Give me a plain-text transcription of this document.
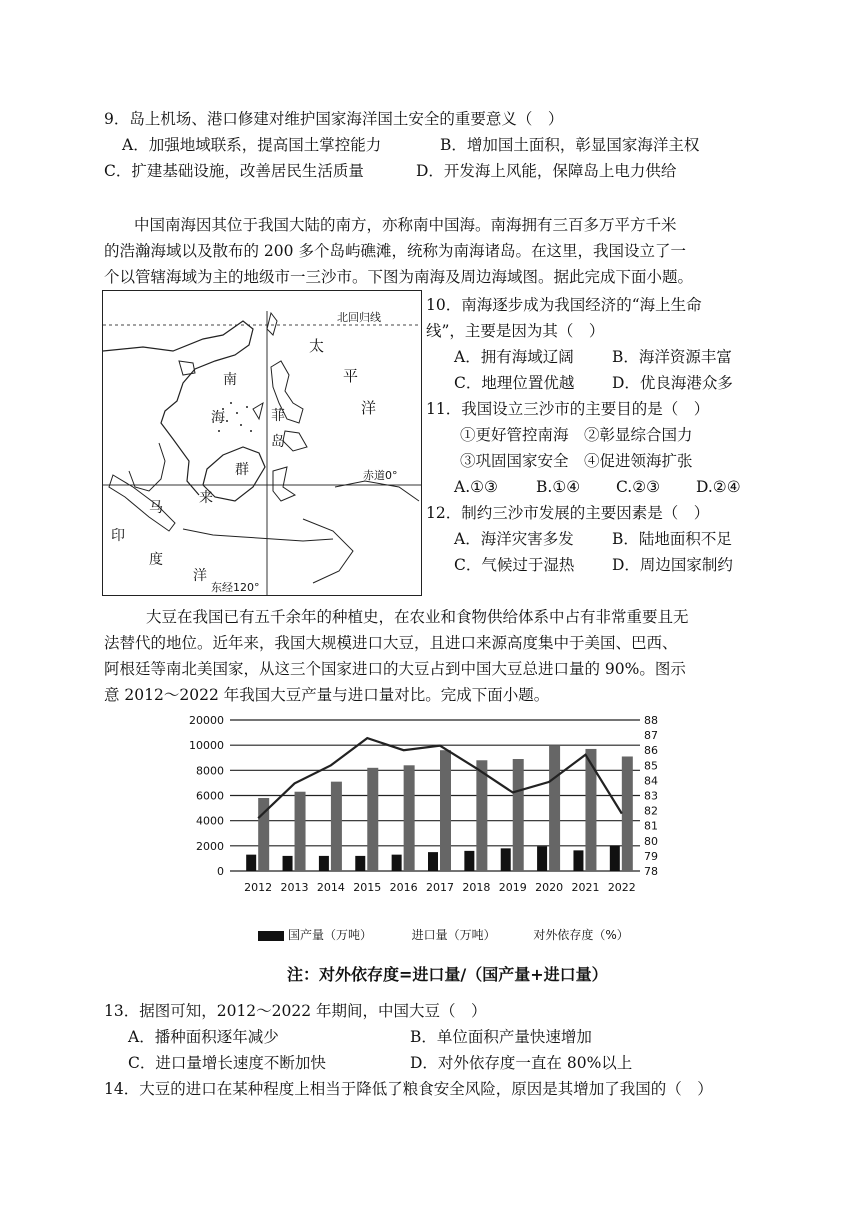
9．岛上机场、港口修建对维护国家海洋国土安全的重要意义（　）
A．加强地域联系，提高国土掌控能力	B．增加国土面积，彰显国家海洋主权
C．扩建基础设施，改善居民生活质量	D．开发海上风能，保障岛上电力供给
中国南海因其位于我国大陆的南方，亦称南中国海。南海拥有三百多万平方千米
的浩瀚海域以及散布的 200 多个岛屿礁滩，统称为南海诸岛。在这里，我国设立了一
个以管辖海域为主的地级市一三沙市。下图为南海及周边海域图。据此完成下面小题。
北回归线
赤道0°
东经120°
太
平
洋
南
海	菲
岛
群
马
来
印
度
洋
10．南海逐步成为我国经济的“海上生命
线”，主要是因为其（　）
A．拥有海域辽阔 B．海洋资源丰富
C．地理位置优越 D．优良海港众多
11．我国设立三沙市的主要目的是（　）
①更好管控南海　②彰显综合国力
③巩固国家安全　④促进领海扩张
A.①③ B.①④ C.②③ D.②④
12．制约三沙市发展的主要因素是（　）
A．海洋灾害多发 B．陆地面积不足
C．气候过于湿热 D．周边国家制约
大豆在我国已有五千余年的种植史，在农业和食物供给体系中占有非常重要且无
法替代的地位。近年来，我国大规模进口大豆，且进口来源高度集中于美国、巴西、
阿根廷等南北美国家，从这三个国家进口的大豆占到中国大豆总进口量的 90%。图示
意 2012～2022 年我国大豆产量与进口量对比。完成下面小题。
20000
10000
8000
6000
4000
2000
0
88
87
86
85
84
83
82
81
80
79
78
2012 2013 2014 2015 2016 2017 2018 2019 2020 2021 2022
国产量（万吨）	进口量（万吨）	对外依存度（%）
注：对外依存度=进口量/（国产量+进口量）
13．据图可知，2012～2022 年期间，中国大豆（　）
A．播种面积逐年减少	B．单位面积产量快速增加
C．进口量增长速度不断加快	D．对外依存度一直在 80%以上
14．大豆的进口在某种程度上相当于降低了粮食安全风险，原因是其增加了我国的（　）
